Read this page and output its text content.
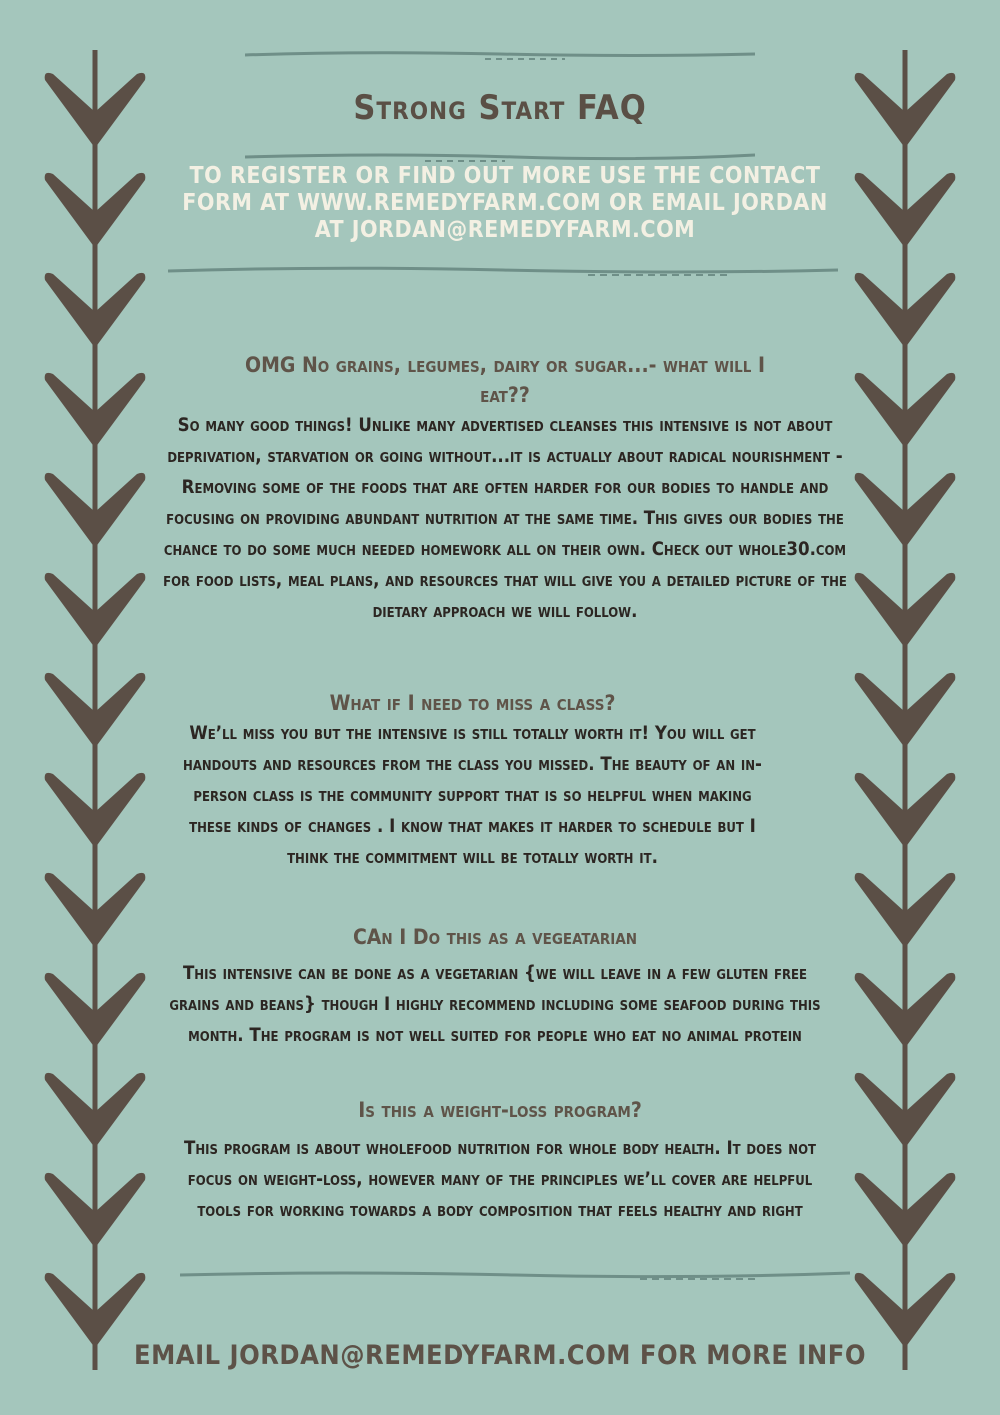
Strong Start FAQ
TO REGISTER OR FIND OUT MORE USE THE CONTACT FORM AT WWW.REMEDYFARM.COM OR EMAIL JORDAN AT JORDAN@REMEDYFARM.COM

OMG No grains, legumes, dairy or sugar...- what will I eat??

So many good things! Unlike many advertised cleanses this intensive is not about deprivation, starvation or going without...it is actually about radical nourishment - Removing some of the foods that are often harder for our bodies to handle and focusing on providing abundant nutrition at the same time. This gives our bodies the chance to do some much needed homework all on their own. Check out whole30.com for food lists, meal plans, and resources that will give you a detailed picture of the dietary approach we will follow.

What if I need to miss a class?

We’ll miss you but the intensive is still totally worth it! You will get handouts and resources from the class you missed. The beauty of an in-person class is the community support that is so helpful when making these kinds of changes . I know that makes it harder to schedule but I think the commitment will be totally worth it.

CAn I Do this as a vegeatarian

This intensive can be done as a vegetarian {we will leave in a few gluten free grains and beans} though I highly recommend including some seafood during this month. The program is not well suited for people who eat no animal protein

Is this a weight-loss program?

This program is about wholefood nutrition for whole body health. It does not focus on weight-loss, however many of the principles we’ll cover are helpful tools for working towards a body composition that feels healthy and right

EMAIL JORDAN@REMEDYFARM.COM FOR MORE INFO
